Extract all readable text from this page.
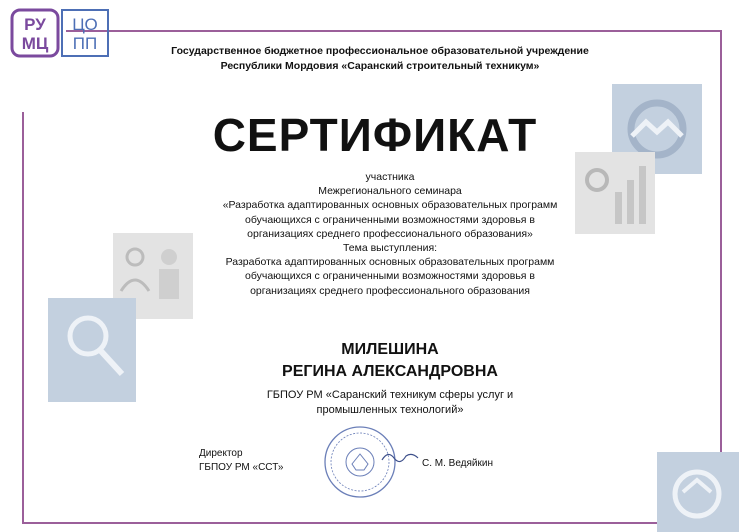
РУ
МЦ
ЦО
ПП	Государственное бюджетное профессиональное образовательной учреждение
Республики Мордовия «Саранский строительный техникум»
СЕРТИФИКАТ
участника
Межрегионального семинара
«Разработка адаптированных основных образовательных программ
обучающихся с ограниченными возможностями здоровья в
организациях среднего профессионального образования»
Тема выступления:
Разработка адаптированных основных образовательных программ
обучающихся с ограниченными возможностями здоровья в
организациях среднего профессионального образования
МИЛЕШИНА
РЕГИНА АЛЕКСАНДРОВНА
ГБПОУ РМ «Саранский техникум сферы услуг и
промышленных технологий»
Директор
ГБПОУ РМ «ССТ»	С. М. Ведяйкин
